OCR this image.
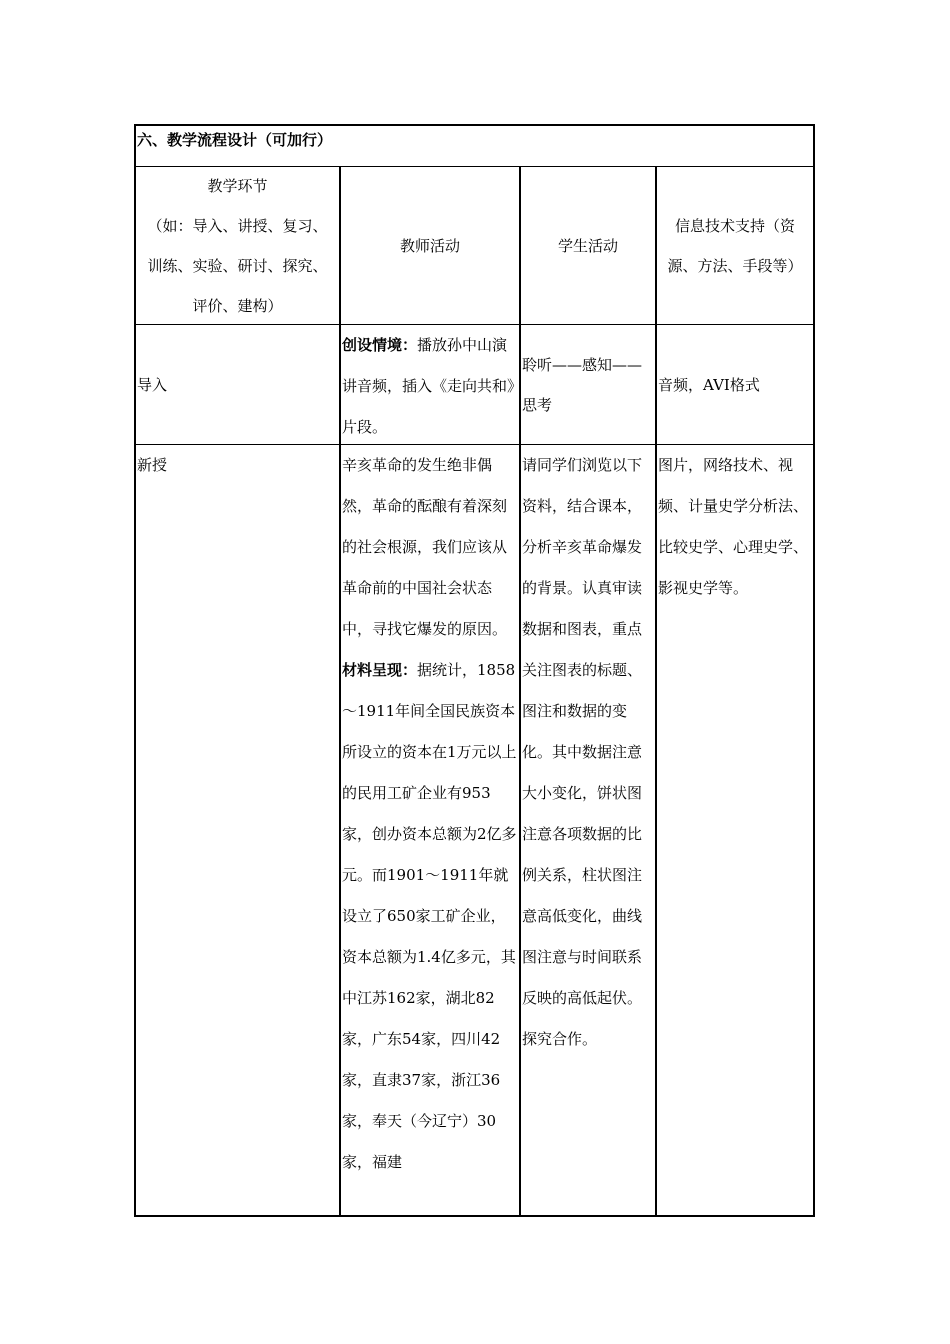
六、教学流程设计（可加行）
教学环节
（如：导入、讲授、复习、
训练、实验、研讨、探究、
评价、建构）
教师活动	学生活动
信息技术支持（资
源、方法、手段等）
导入
创设情境：播放孙中山演讲音频，插入《走向共和》片段。
聆听——感知——思考
音频，AVI格式
新授	辛亥革命的发生绝非偶然，革命的酝酿有着深刻的社会根源，我们应该从革命前的中国社会状态中，寻找它爆发的原因。材料呈现：据统计，1858～1911年间全国民族资本所设立的资本在1万元以上的民用工矿企业有953家，创办资本总额为2亿多元。而1901～1911年就设立了650家工矿企业，资本总额为1.4亿多元，其中江苏162家，湖北82家，广东54家，四川42家，直隶37家，浙江36家，奉天（今辽宁）30家，福建
请同学们浏览以下资料，结合课本，分析辛亥革命爆发的背景。认真审读数据和图表，重点关注图表的标题、图注和数据的变化。其中数据注意大小变化，饼状图注意各项数据的比例关系，柱状图注意高低变化，曲线图注意与时间联系反映的高低起伏。探究合作。
图片，网络技术、视频、计量史学分析法、比较史学、心理史学、影视史学等。
